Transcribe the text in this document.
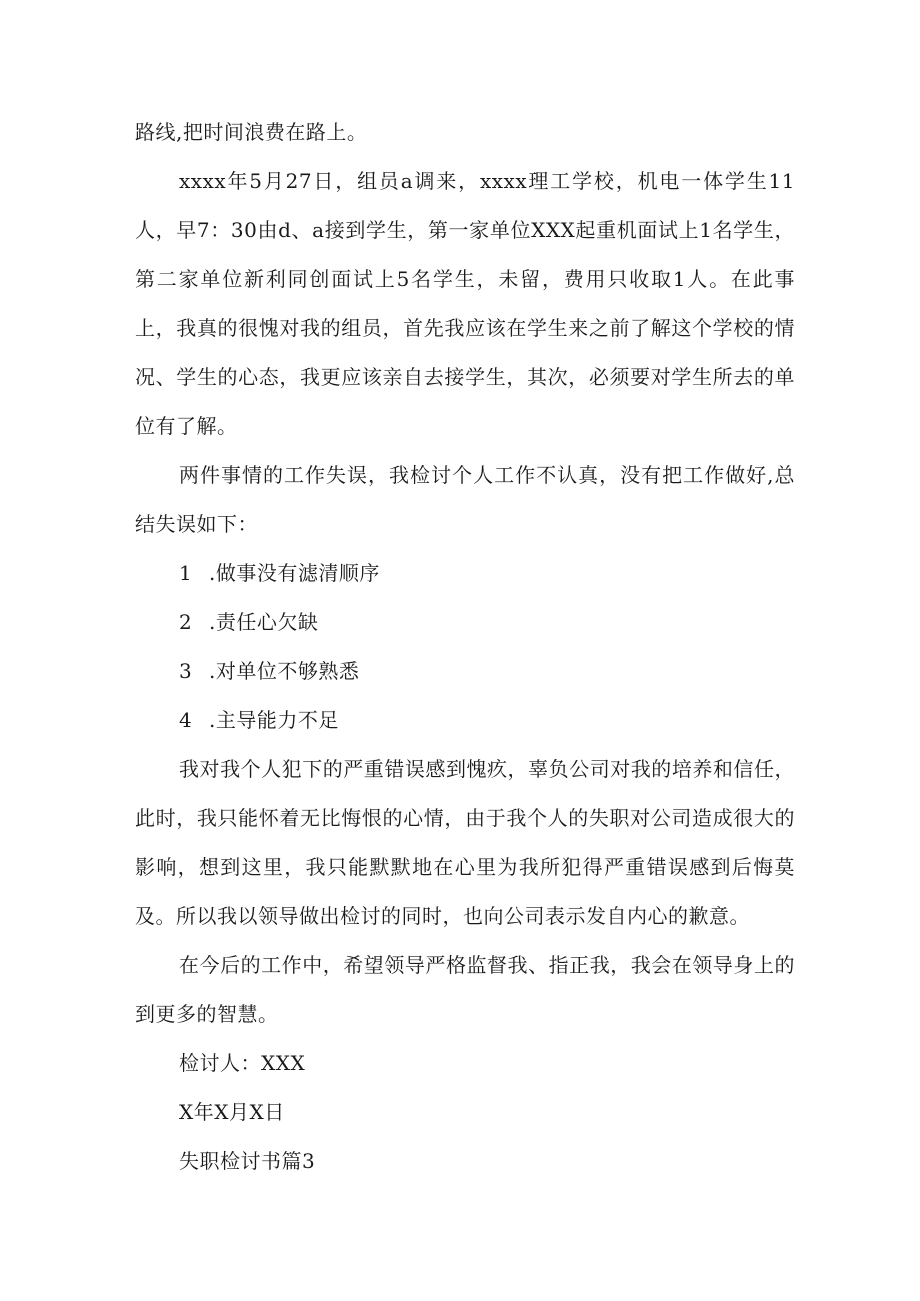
路线,把时间浪费在路上。

xxxx年5月27日，组员a调来，xxxx理工学校，机电一体学生11人，早7：30由d、a接到学生，第一家单位XXX起重机面试上1名学生，第二家单位新利同创面试上5名学生，未留，费用只收取1人。在此事上，我真的很愧对我的组员，首先我应该在学生来之前了解这个学校的情况、学生的心态，我更应该亲自去接学生，其次，必须要对学生所去的单位有了解。

两件事情的工作失误，我检讨个人工作不认真，没有把工作做好,总结失误如下：

1 .做事没有滤清顺序

2 .责任心欠缺

3 .对单位不够熟悉

4 .主导能力不足

我对我个人犯下的严重错误感到愧疚，辜负公司对我的培养和信任，此时，我只能怀着无比悔恨的心情，由于我个人的失职对公司造成很大的影响，想到这里，我只能默默地在心里为我所犯得严重错误感到后悔莫及。所以我以领导做出检讨的同时，也向公司表示发自内心的歉意。

在今后的工作中，希望领导严格监督我、指正我，我会在领导身上的到更多的智慧。

检讨人：XXX

X年X月X日

失职检讨书篇3
